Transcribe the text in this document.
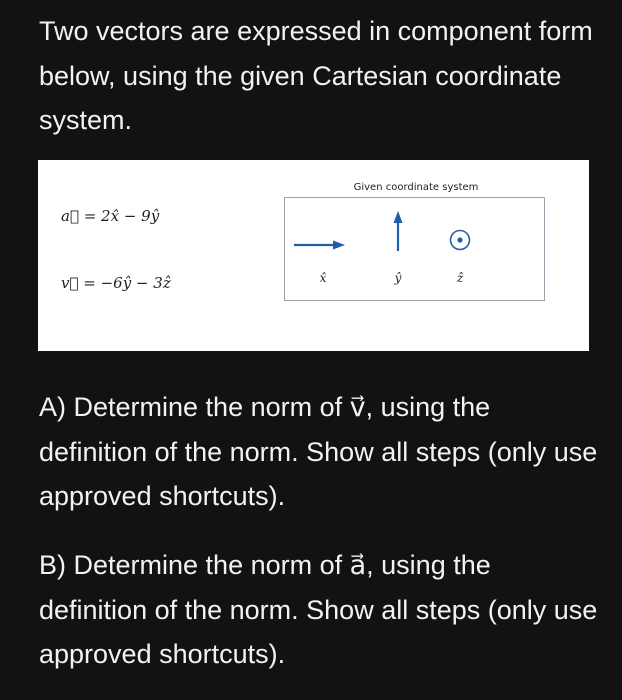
Two vectors are expressed in component form below, using the given Cartesian coordinate system.

a⃗ = 2x̂ − 9ŷ
v⃗ = −6ŷ − 3ẑ
Given coordinate system
x̂	ŷ	ẑ

A) Determine the norm of v⃗, using the definition of the norm. Show all steps (only use approved shortcuts).

B) Determine the norm of a⃗, using the definition of the norm. Show all steps (only use approved shortcuts).
